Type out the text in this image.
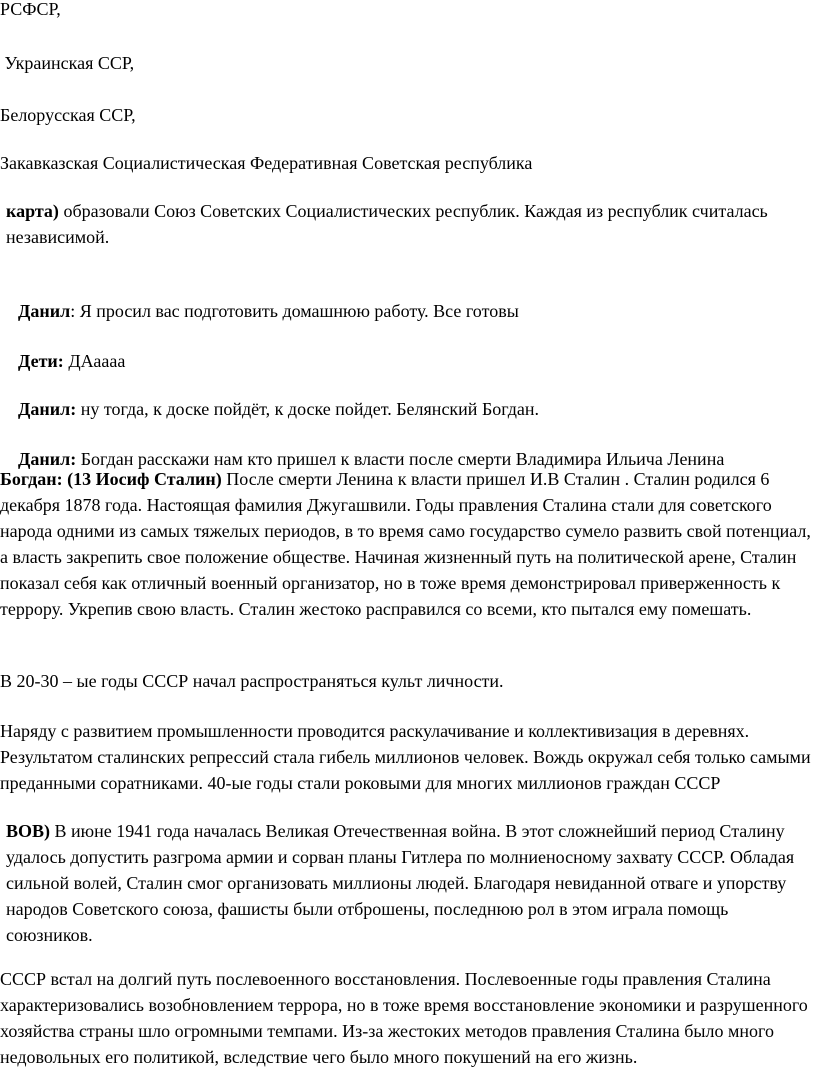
РСФСР,
Украинская ССР,
Белорусская ССР,
Закавказская Социалистическая Федеративная Советская республика
карта) образовали Союз Советских Социалистических республик. Каждая из республик считалась независимой.

Данил: Я просил вас подготовить домашнюю работу. Все готовы

Дети: ДАаааа

Данил: ну тогда, к доске пойдёт, к доске пойдет. Белянский Богдан.

Данил: Богдан расскажи нам кто пришел к власти после смерти Владимира Ильича Ленина

Богдан: (13 Иосиф Сталин) После смерти Ленина к власти пришел И.В Сталин . Сталин родился 6 декабря 1878 года. Настоящая фамилия Джугашвили. Годы правления Сталина стали для советского народа одними из самых тяжелых периодов, в то время само государство сумело развить свой потенциал, а власть закрепить свое положение обществе. Начиная жизненный путь на политической арене, Сталин показал себя как отличный военный организатор, но в тоже время демонстрировал приверженность к террору. Укрепив свою власть. Сталин жестоко расправился со всеми, кто пытался ему помешать.
В 20-30 – ые годы СССР начал распространяться культ личности.
Наряду с развитием промышленности проводится раскулачивание и коллективизация в деревнях. Результатом сталинских репрессий стала гибель миллионов человек. Вождь окружал себя только самыми преданными соратниками. 40-ые годы стали роковыми для многих миллионов граждан СССР
ВОВ) В июне 1941 года началась Великая Отечественная война. В этот сложнейший период Сталину удалось допустить разгрома армии и сорван планы Гитлера по молниеносному захвату СССР. Обладая сильной волей, Сталин смог организовать миллионы людей. Благодаря невиданной отваге и упорству народов Советского союза, фашисты были отброшены, последнюю рол в этом играла помощь союзников.
СССР встал на долгий путь послевоенного восстановления. Послевоенные годы правления Сталина характеризовались возобновлением террора, но в тоже время восстановление экономики и разрушенного хозяйства страны шло огромными темпами. Из-за жестоких методов правления Сталина было много недовольных его политикой, вследствие чего было много покушений на его жизнь.
